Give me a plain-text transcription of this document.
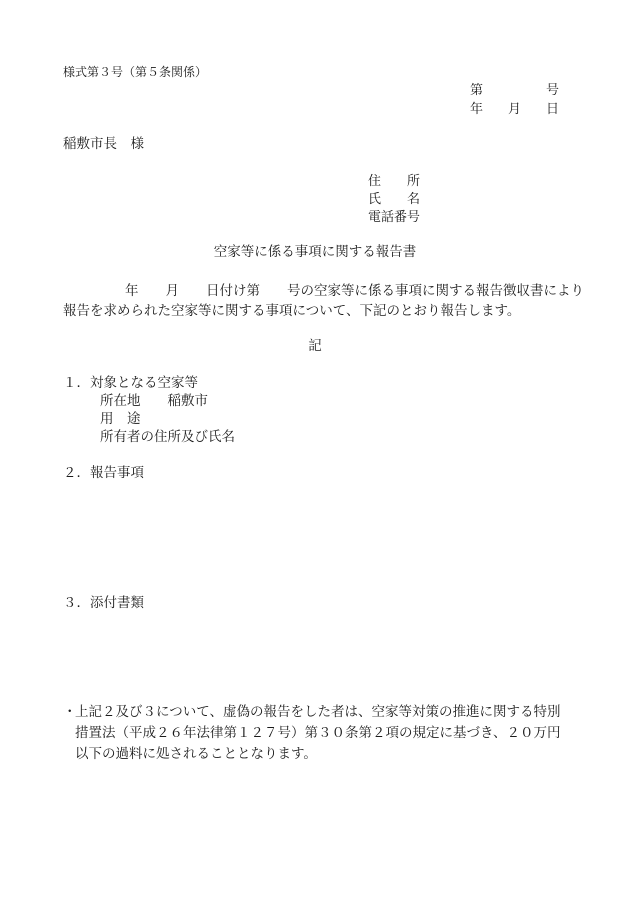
様式第３号（第５条関係）
第	号
年 月 日
稲敷市長　様
住　　所
氏　　名
電話番号
空家等に係る事項に関する報告書
年　　月　　日付け第　　号の空家等に係る事項に関する報告徴収書により
報告を求められた空家等に関する事項について、下記のとおり報告します。
記
１．対象となる空家等
所在地　　稲敷市
用　途
所有者の住所及び氏名
２．報告事項
３．添付書類
・
上記２及び３について、虚偽の報告をした者は、空家等対策の推進に関する特別措置法（平成２６年法律第１２７号）第３０条第２項の規定に基づき、２０万円以下の過料に処されることとなります。
